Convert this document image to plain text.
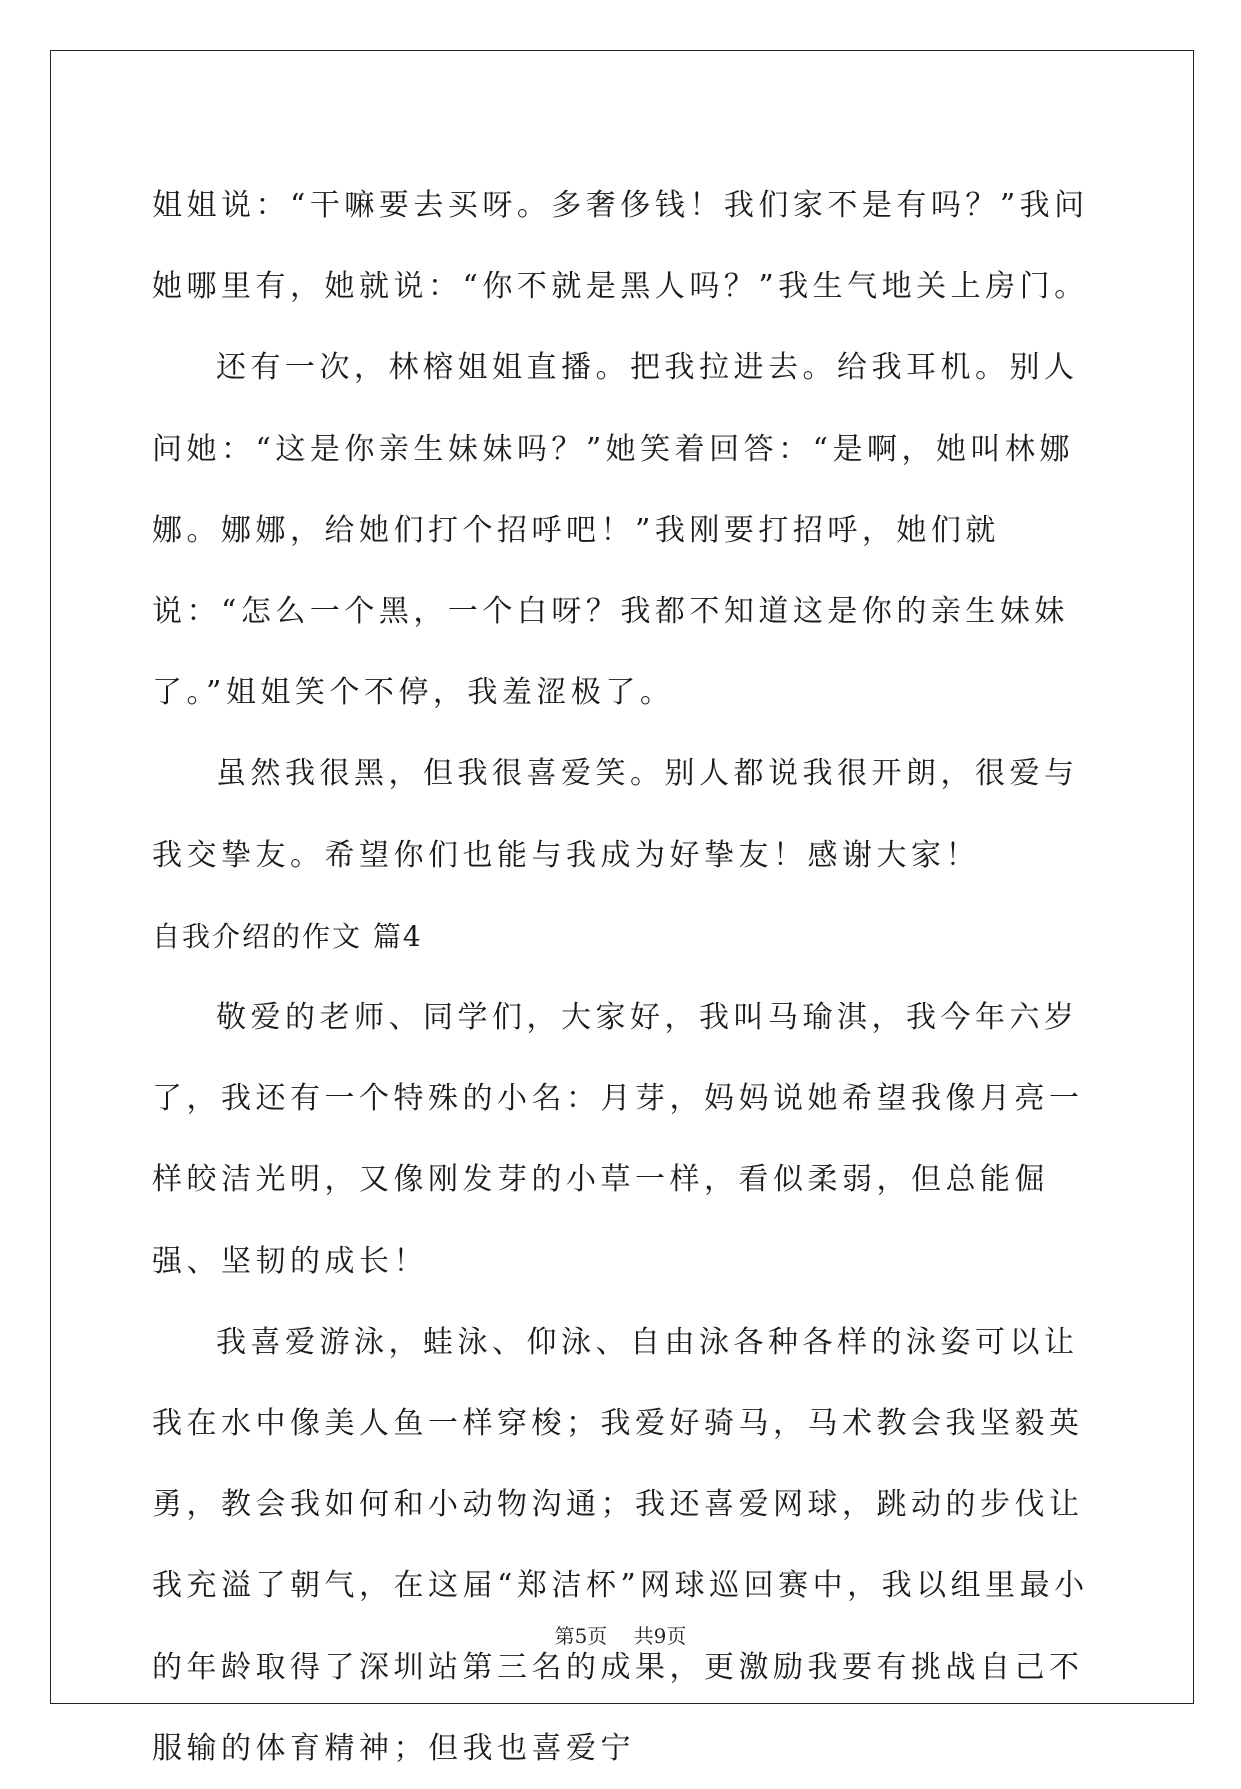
姐姐说：“干嘛要去买呀。多奢侈钱！我们家不是有吗？”我问她哪里有，她就说：“你不就是黑人吗？”我生气地关上房门。

还有一次，林榕姐姐直播。把我拉进去。给我耳机。别人问她：“这是你亲生妹妹吗？”她笑着回答：“是啊，她叫林娜娜。娜娜，给她们打个招呼吧！”我刚要打招呼，她们就说：“怎么一个黑，一个白呀？我都不知道这是你的亲生妹妹了。”姐姐笑个不停，我羞涩极了。

虽然我很黑，但我很喜爱笑。别人都说我很开朗，很爱与我交挚友。希望你们也能与我成为好挚友！感谢大家！

自我介绍的作文 篇4

敬爱的老师、同学们，大家好，我叫马瑜淇，我今年六岁了，我还有一个特殊的小名：月芽，妈妈说她希望我像月亮一样皎洁光明，又像刚发芽的小草一样，看似柔弱，但总能倔强、坚韧的成长！

我喜爱游泳，蛙泳、仰泳、自由泳各种各样的泳姿可以让我在水中像美人鱼一样穿梭；我爱好骑马，马术教会我坚毅英勇，教会我如何和小动物沟通；我还喜爱网球，跳动的步伐让我充溢了朝气，在这届“郑洁杯”网球巡回赛中，我以组里最小的年龄取得了深圳站第三名的成果，更激励我要有挑战自己不服输的体育精神；但我也喜爱宁

第5页 共9页
